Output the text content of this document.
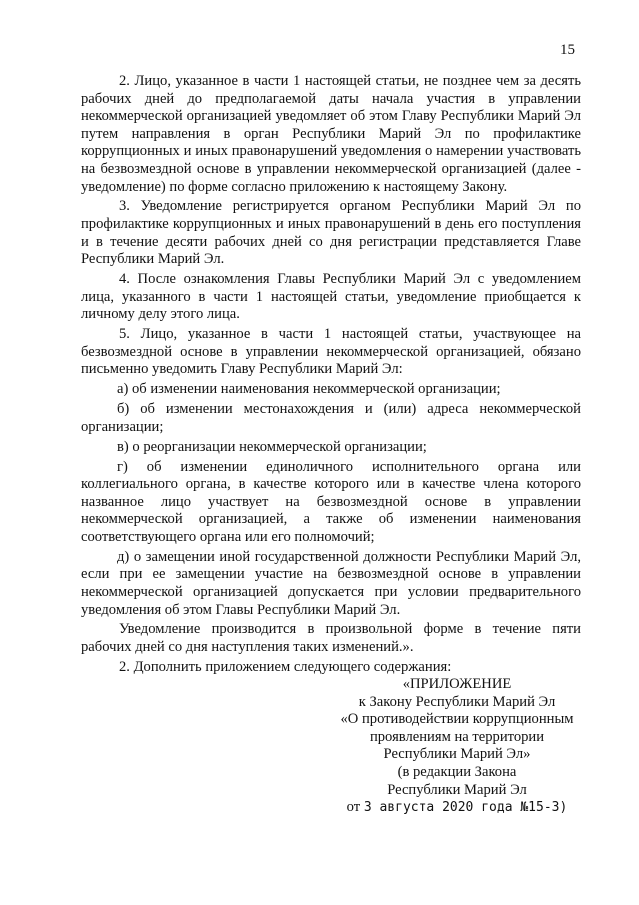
15

2. Лицо, указанное в части 1 настоящей статьи, не позднее чем за десять рабочих дней до предполагаемой даты начала участия в управлении некоммерческой организацией уведомляет об этом Главу Республики Марий Эл путем направления в орган Республики Марий Эл по профилактике коррупционных и иных правонарушений уведомления о намерении участвовать на безвозмездной основе в управлении некоммерческой организацией (далее - уведомление) по форме согласно приложению к настоящему Закону.

3. Уведомление регистрируется органом Республики Марий Эл по профилактике коррупционных и иных правонарушений в день его поступления и в течение десяти рабочих дней со дня регистрации представляется Главе Республики Марий Эл.

4. После ознакомления Главы Республики Марий Эл с уведомлением лица, указанного в части 1 настоящей статьи, уведомление приобщается к личному делу этого лица.

5. Лицо, указанное в части 1 настоящей статьи, участвующее на безвозмездной основе в управлении некоммерческой организацией, обязано письменно уведомить Главу Республики Марий Эл:

а) об изменении наименования некоммерческой организации;

б) об изменении местонахождения и (или) адреса некоммерческой организации;

в) о реорганизации некоммерческой организации;

г) об изменении единоличного исполнительного органа или коллегиального органа, в качестве которого или в качестве члена которого названное лицо участвует на безвозмездной основе в управлении некоммерческой организацией, а также об изменении наименования соответствующего органа или его полномочий;

д) о замещении иной государственной должности Республики Марий Эл, если при ее замещении участие на безвозмездной основе в управлении некоммерческой организацией допускается при условии предварительного уведомления об этом Главы Республики Марий Эл.

Уведомление производится в произвольной форме в течение пяти рабочих дней со дня наступления таких изменений.».

2. Дополнить приложением следующего содержания:

«ПРИЛОЖЕНИЕ
к Закону Республики Марий Эл
«О противодействии коррупционным
проявлениям на территории
Республики Марий Эл»
(в редакции Закона
Республики Марий Эл
от 3 августа 2020 года №15-З)
